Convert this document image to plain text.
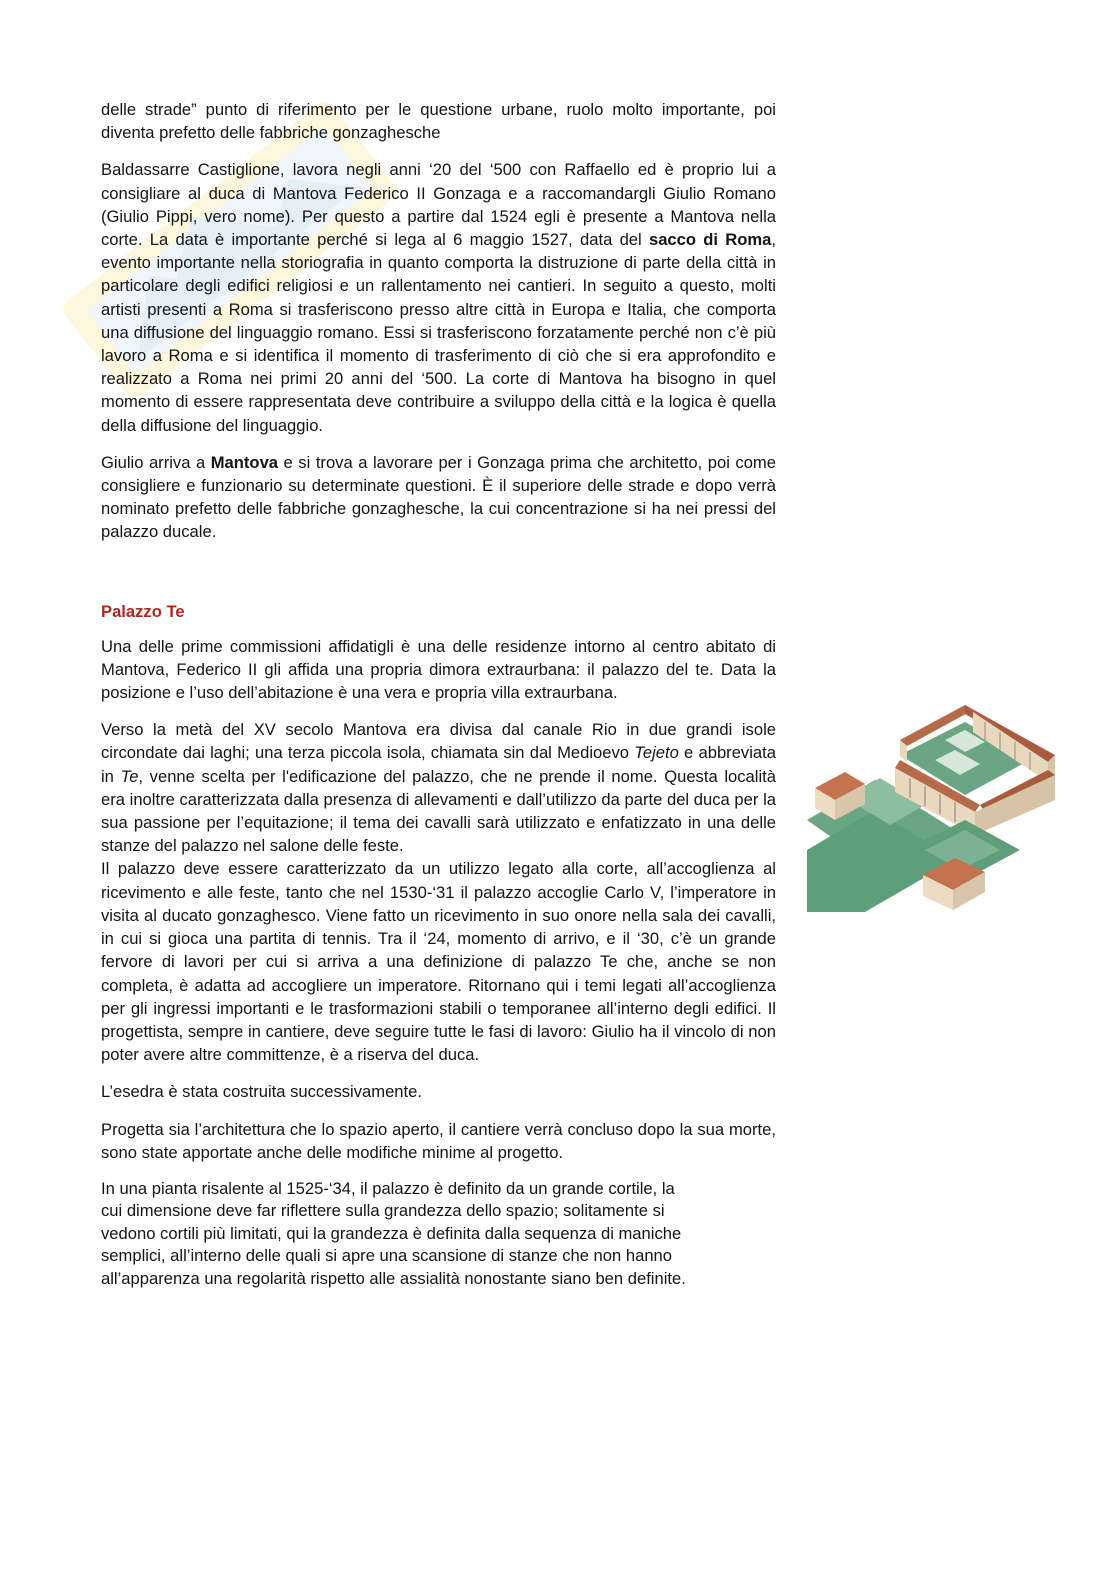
delle strade” punto di riferimento per le questione urbane, ruolo molto importante, poi diventa prefetto delle fabbriche gonzaghesche

Baldassarre Castiglione, lavora negli anni ‘20 del ‘500 con Raffaello ed è proprio lui a consigliare al duca di Mantova Federico II Gonzaga e a raccomandargli Giulio Romano (Giulio Pippi, vero nome). Per questo a partire dal 1524 egli è presente a Mantova nella corte. La data è importante perché si lega al 6 maggio 1527, data del sacco di Roma, evento importante nella storiografia in quanto comporta la distruzione di parte della città in particolare degli edifici religiosi e un rallentamento nei cantieri. In seguito a questo, molti artisti presenti a Roma si trasferiscono presso altre città in Europa e Italia, che comporta una diffusione del linguaggio romano. Essi si trasferiscono forzatamente perché non c’è più lavoro a Roma e si identifica il momento di trasferimento di ciò che si era approfondito e realizzato a Roma nei primi 20 anni del ‘500. La corte di Mantova ha bisogno in quel momento di essere rappresentata deve contribuire a sviluppo della città e la logica è quella della diffusione del linguaggio.

Giulio arriva a Mantova e si trova a lavorare per i Gonzaga prima che architetto, poi come consigliere e funzionario su determinate questioni. È il superiore delle strade e dopo verrà nominato prefetto delle fabbriche gonzaghesche, la cui concentrazione si ha nei pressi del palazzo ducale.

Palazzo Te

Una delle prime commissioni affidatigli è una delle residenze intorno al centro abitato di Mantova, Federico II gli affida una propria dimora extraurbana: il palazzo del te. Data la posizione e l’uso dell’abitazione è una vera e propria villa extraurbana.

Verso la metà del XV secolo Mantova era divisa dal canale Rio in due grandi isole circondate dai laghi; una terza piccola isola, chiamata sin dal Medioevo Tejeto e abbreviata in Te, venne scelta per l'edificazione del palazzo, che ne prende il nome. Questa località era inoltre caratterizzata dalla presenza di allevamenti e dall’utilizzo da parte del duca per la sua passione per l’equitazione; il tema dei cavalli sarà utilizzato e enfatizzato in una delle stanze del palazzo nel salone delle feste.

Il palazzo deve essere caratterizzato da un utilizzo legato alla corte, all’accoglienza al ricevimento e alle feste, tanto che nel 1530-‘31 il palazzo accoglie Carlo V, l’imperatore in visita al ducato gonzaghesco. Viene fatto un ricevimento in suo onore nella sala dei cavalli, in cui si gioca una partita di tennis. Tra il ‘24, momento di arrivo, e il ‘30, c’è un grande fervore di lavori per cui si arriva a una definizione di palazzo Te che, anche se non completa, è adatta ad accogliere un imperatore. Ritornano qui i temi legati all’accoglienza per gli ingressi importanti e le trasformazioni stabili o temporanee all’interno degli edifici. Il progettista, sempre in cantiere, deve seguire tutte le fasi di lavoro: Giulio ha il vincolo di non poter avere altre committenze, è a riserva del duca.

L’esedra è stata costruita successivamente.

Progetta sia l’architettura che lo spazio aperto, il cantiere verrà concluso dopo la sua morte, sono state apportate anche delle modifiche minime al progetto.

In una pianta risalente al 1525-‘34, il palazzo è definito da un grande cortile, la
cui dimensione deve far riflettere sulla grandezza dello spazio; solitamente si
vedono cortili più limitati, qui la grandezza è definita dalla sequenza di maniche
semplici, all’interno delle quali si apre una scansione di stanze che non hanno
all’apparenza una regolarità rispetto alle assialità nonostante siano ben definite.
